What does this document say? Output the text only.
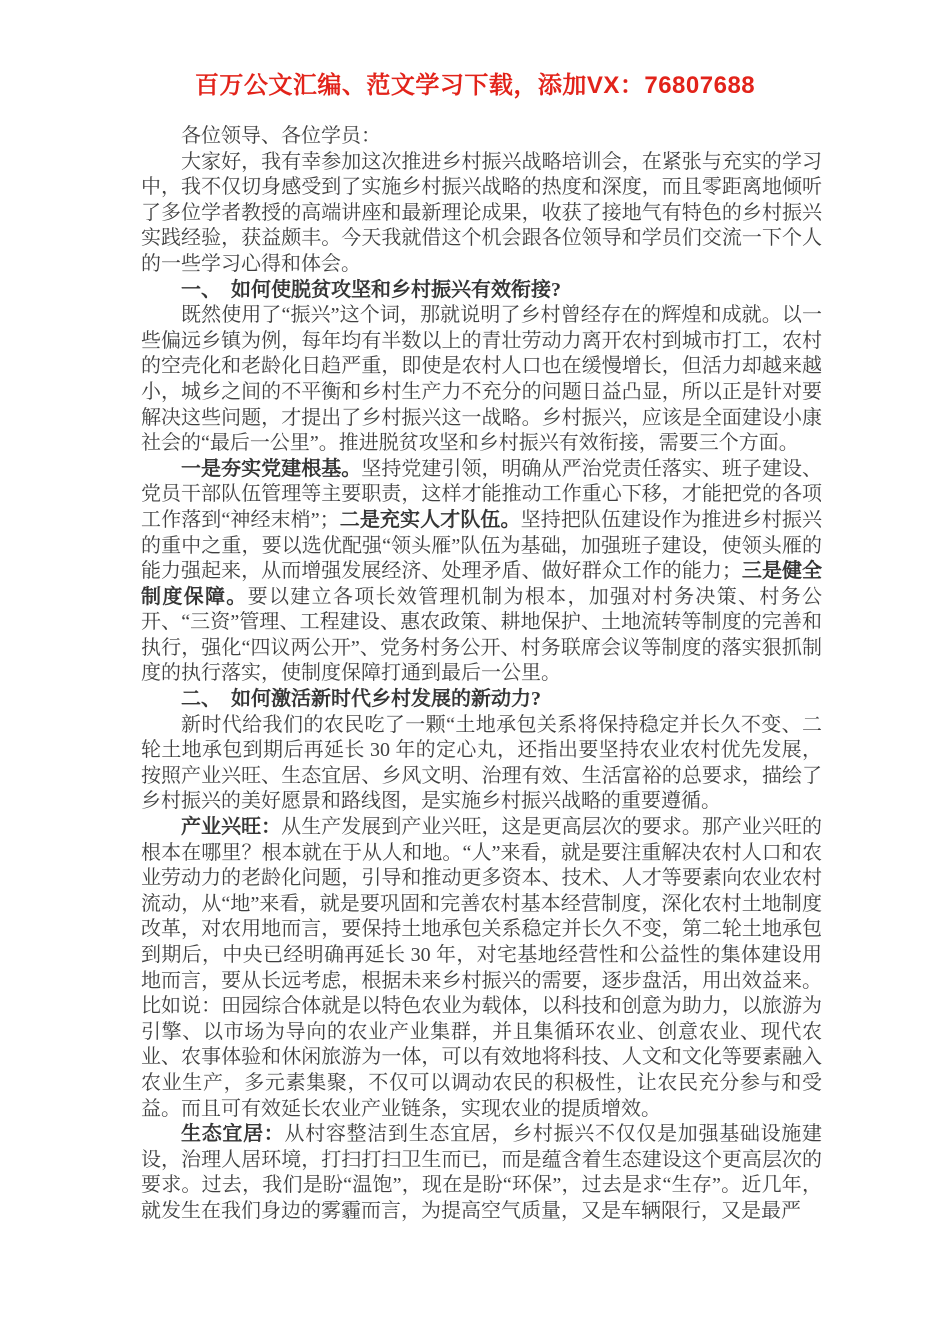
百万公文汇编、范文学习下载，添加VX：76807688

各位领导、各位学员：

大家好，我有幸参加这次推进乡村振兴战略培训会，在紧张与充实的学习中，我不仅切身感受到了实施乡村振兴战略的热度和深度，而且零距离地倾听了多位学者教授的高端讲座和最新理论成果，收获了接地气有特色的乡村振兴实践经验，获益颇丰。今天我就借这个机会跟各位领导和学员们交流一下个人的一些学习心得和体会。

一、　如何使脱贫攻坚和乡村振兴有效衔接?

既然使用了“振兴”这个词，那就说明了乡村曾经存在的辉煌和成就。以一些偏远乡镇为例，每年均有半数以上的青壮劳动力离开农村到城市打工，农村的空壳化和老龄化日趋严重，即使是农村人口也在缓慢增长，但活力却越来越小，城乡之间的不平衡和乡村生产力不充分的问题日益凸显，所以正是针对要解决这些问题，才提出了乡村振兴这一战略。乡村振兴，应该是全面建设小康社会的“最后一公里”。推进脱贫攻坚和乡村振兴有效衔接，需要三个方面。

一是夯实党建根基。坚持党建引领，明确从严治党责任落实、班子建设、党员干部队伍管理等主要职责，这样才能推动工作重心下移，才能把党的各项工作落到“神经末梢”；二是充实人才队伍。坚持把队伍建设作为推进乡村振兴的重中之重，要以选优配强“领头雁”队伍为基础，加强班子建设，使领头雁的能力强起来，从而增强发展经济、处理矛盾、做好群众工作的能力；三是健全制度保障。要以建立各项长效管理机制为根本，加强对村务决策、村务公开、“三资”管理、工程建设、惠农政策、耕地保护、土地流转等制度的完善和执行，强化“四议两公开”、党务村务公开、村务联席会议等制度的落实狠抓制度的执行落实，使制度保障打通到最后一公里。

二、　如何激活新时代乡村发展的新动力?

新时代给我们的农民吃了一颗“土地承包关系将保持稳定并长久不变、二轮土地承包到期后再延长 30 年的定心丸，还指出要坚持农业农村优先发展，按照产业兴旺、生态宜居、乡风文明、治理有效、生活富裕的总要求，描绘了乡村振兴的美好愿景和路线图，是实施乡村振兴战略的重要遵循。

产业兴旺：从生产发展到产业兴旺，这是更高层次的要求。那产业兴旺的根本在哪里？根本就在于从人和地。“人”来看，就是要注重解决农村人口和农业劳动力的老龄化问题，引导和推动更多资本、技术、人才等要素向农业农村流动，从“地”来看，就是要巩固和完善农村基本经营制度，深化农村土地制度改革，对农用地而言，要保持土地承包关系稳定并长久不变，第二轮土地承包到期后，中央已经明确再延长 30 年，对宅基地经营性和公益性的集体建设用地而言，要从长远考虑，根据未来乡村振兴的需要，逐步盘活，用出效益来。比如说：田园综合体就是以特色农业为载体，以科技和创意为助力，以旅游为引擎、以市场为导向的农业产业集群，并且集循环农业、创意农业、现代农业、农事体验和休闲旅游为一体，可以有效地将科技、人文和文化等要素融入农业生产，多元素集聚，不仅可以调动农民的积极性，让农民充分参与和受益。而且可有效延长农业产业链条，实现农业的提质增效。

生态宜居：从村容整洁到生态宜居，乡村振兴不仅仅是加强基础设施建设，治理人居环境，打扫打扫卫生而已，而是蕴含着生态建设这个更高层次的要求。过去，我们是盼“温饱”，现在是盼“环保”，过去是求“生存”。近几年，就发生在我们身边的雾霾而言，为提高空气质量，又是车辆限行，又是最严
